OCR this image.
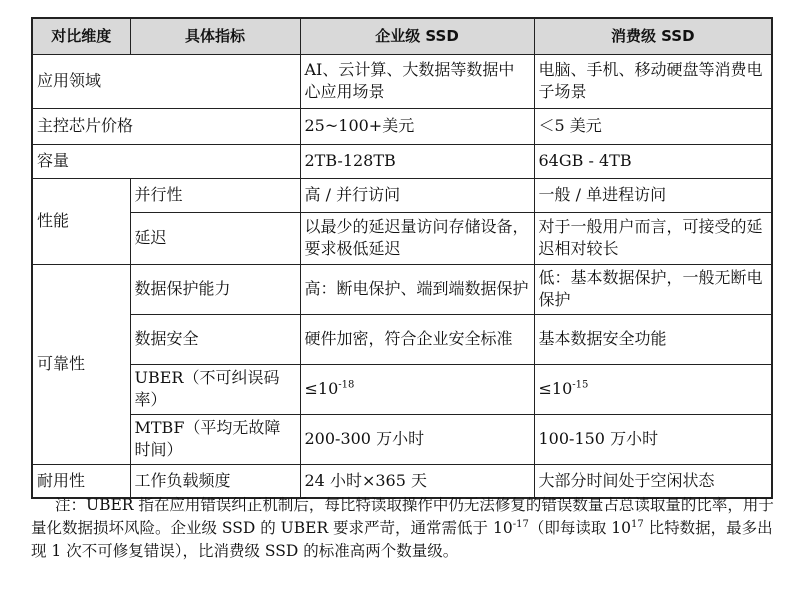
对比维度	具体指标	企业级 SSD	消费级 SSD
应用领域		AI、云计算、大数据等数据中心应用场景	电脑、手机、移动硬盘等消费电子场景
主控芯片价格		25~100+美元	＜5 美元
容量		2TB-128TB	64GB - 4TB
性能	并行性	高 / 并行访问	一般 / 单进程访问
	延迟	以最少的延迟量访问存储设备，要求极低延迟	对于一般用户而言，可接受的延迟相对较长
可靠性	数据保护能力	高：断电保护、端到端数据保护	低：基本数据保护，一般无断电保护
	数据安全	硬件加密，符合企业安全标准	基本数据安全功能
	UBER（不可纠误码率）	$\le 10^{-18}$	$\le 10^{-15}$
	MTBF（平均无故障时间）	200-300 万小时	100-150 万小时
耐用性	工作负载频度	24 小时×365 天	大部分时间处于空闲状态
注：UBER 指在应用错误纠正机制后，每比特读取操作中仍无法修复的错误数量占总读取量的比率，用于量化数据损坏风险。企业级 SSD 的 UBER 要求严苛，通常需低于 $10^{-17}$（即每读取 $10^{17}$ 比特数据，最多出现 1 次不可修复错误），比消费级 SSD 的标准高两个数量级。
